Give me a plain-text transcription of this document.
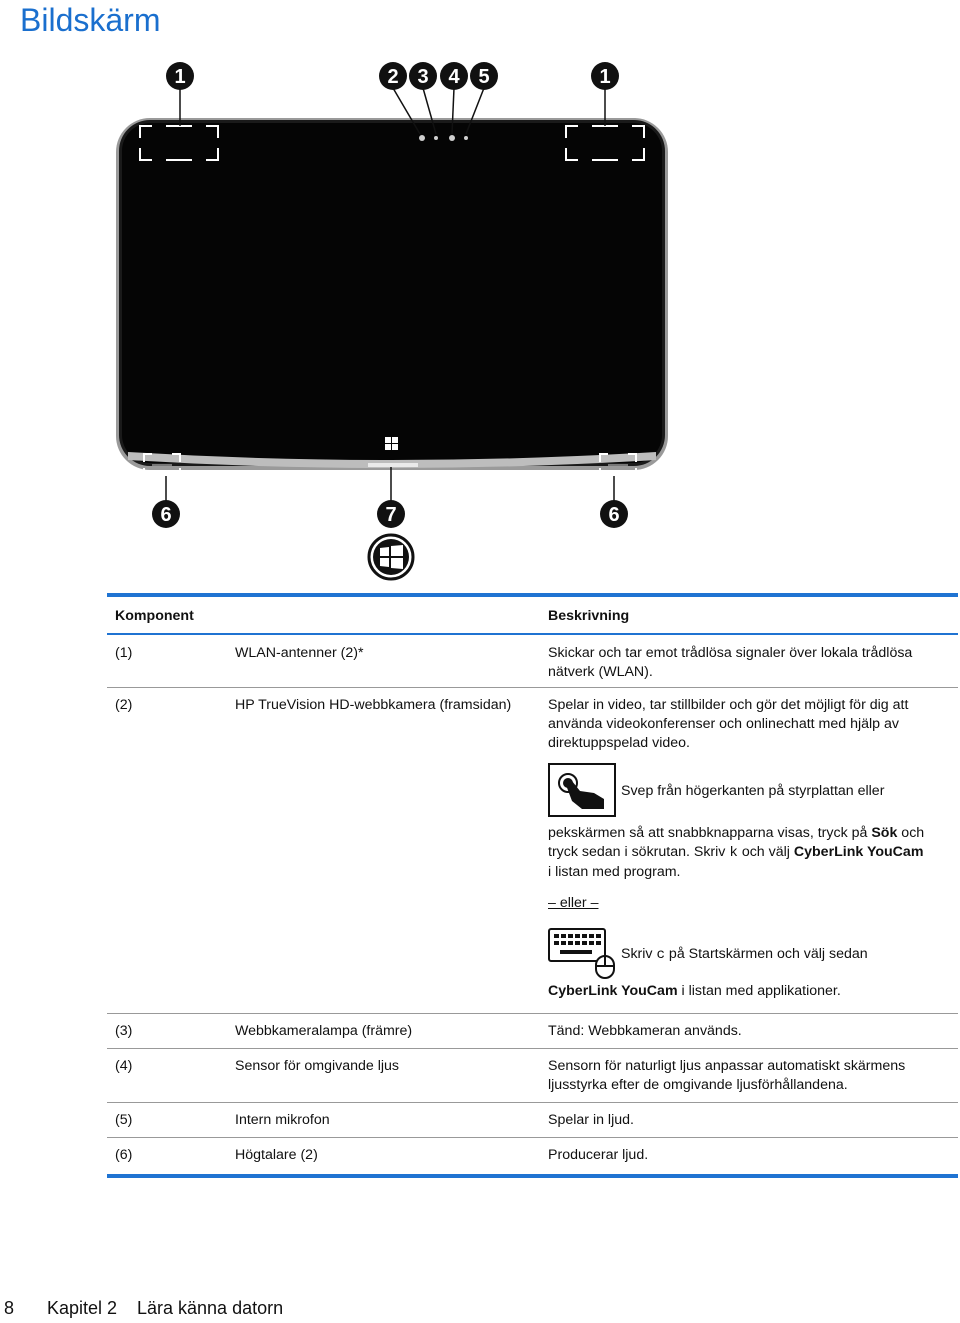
Bildskärm
1	2 3 4 5	1
6	7	6
Komponent	Beskrivning
(1)	WLAN-antenner (2)*	Skickar och tar emot trådlösa signaler över lokala trådlösa
nätverk (WLAN).
(2)	HP TrueVision HD-webbkamera (framsidan)	Spelar in video, tar stillbilder och gör det möjligt för dig att
använda videokonferenser och onlinechatt med hjälp av
direktuppspelad video.
Svep från högerkanten på styrplattan eller
pekskärmen så att snabbknapparna visas, tryck på Sök och
tryck sedan i sökrutan. Skriv k och välj CyberLink YouCam
i listan med program.
– eller –
Skriv c på Startskärmen och välj sedan
CyberLink YouCam i listan med applikationer.
(3)	Webbkameralampa (främre)	Tänd: Webbkameran används.
(4)	Sensor för omgivande ljus	Sensorn för naturligt ljus anpassar automatiskt skärmens
ljusstyrka efter de omgivande ljusförhållandena.
(5)	Intern mikrofon	Spelar in ljud.
(6)	Högtalare (2)	Producerar ljud.
8 Kapitel 2 Lära känna datorn
